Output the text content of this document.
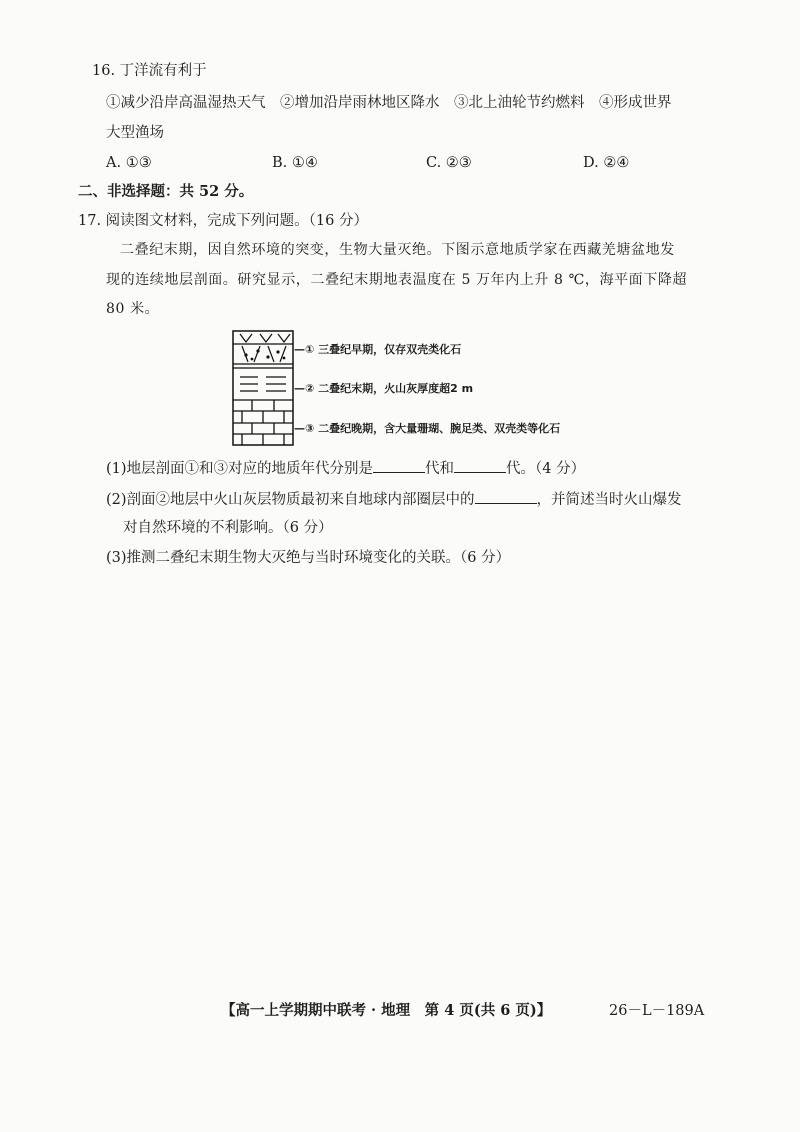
16. 丁洋流有利于
①减少沿岸高温湿热天气　②增加沿岸雨林地区降水　③北上油轮节约燃料　④形成世界
大型渔场
A. ①③	B. ①④	C. ②③	D. ②④
二、非选择题：共 52 分。
17. 阅读图文材料，完成下列问题。（16 分）
二叠纪末期，因自然环境的突变，生物大量灭绝。下图示意地质学家在西藏羌塘盆地发
现的连续地层剖面。研究显示，二叠纪末期地表温度在 5 万年内上升 8 ℃，海平面下降超
80 米。
—① 三叠纪早期，仅存双壳类化石
—② 二叠纪末期，火山灰厚度超2 m
—③ 二叠纪晚期，含大量珊瑚、腕足类、双壳类等化石
(1)地层剖面①和③对应的地质年代分别是	代和	代。（4 分）
(2)剖面②地层中火山灰层物质最初来自地球内部圈层中的	，并简述当时火山爆发
对自然环境的不利影响。（6 分）
(3)推测二叠纪末期生物大灭绝与当时环境变化的关联。（6 分）
【高一上学期期中联考 · 地理　第 4 页(共 6 页)】	26－L－189A
